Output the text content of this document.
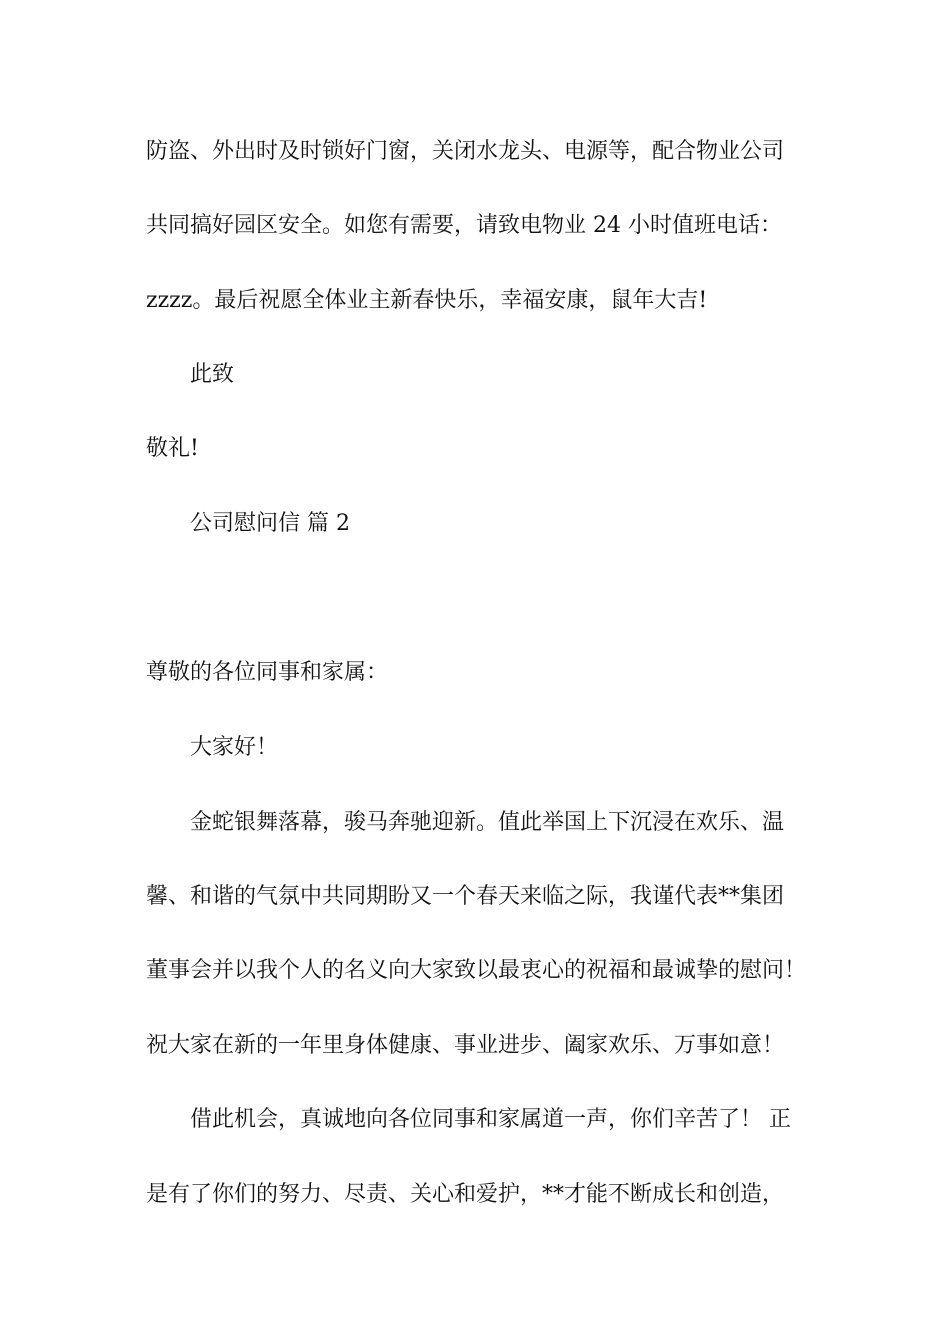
防盗、外出时及时锁好门窗，关闭水龙头、电源等，配合物业公司
共同搞好园区安全。如您有需要，请致电物业 24 小时值班电话：
zzzz。最后祝愿全体业主新春快乐，幸福安康，鼠年大吉!
此致
敬礼!
公司慰问信 篇 2
尊敬的各位同事和家属：
大家好！
金蛇银舞落幕，骏马奔驰迎新。值此举国上下沉浸在欢乐、温
馨、和谐的气氛中共同期盼又一个春天来临之际，我谨代表**集团
董事会并以我个人的名义向大家致以最衷心的祝福和最诚挚的慰问！
祝大家在新的一年里身体健康、事业进步、阖家欢乐、万事如意！
借此机会，真诚地向各位同事和家属道一声，你们辛苦了！ 正
是有了你们的努力、尽责、关心和爱护，**才能不断成长和创造，
